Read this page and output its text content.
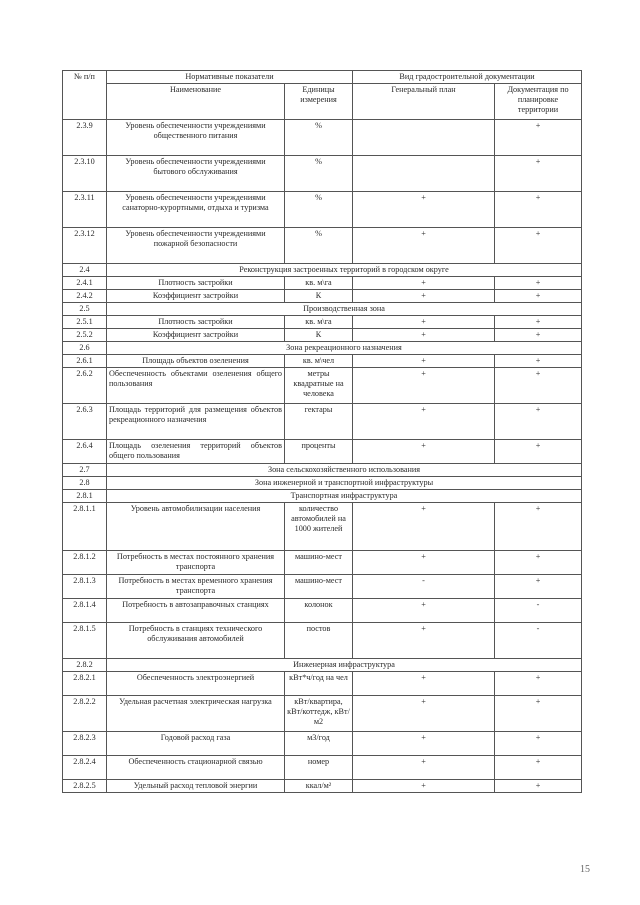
№ п/п	Нормативные показатели		Вид градостроительной документации	
	Наименование	Единицы измерения	Генеральный план	Документация по планировке территории
2.3.9	Уровень обеспеченности учреждениями общественного питания	%		+
2.3.10	Уровень обеспеченности учреждениями бытового обслуживания	%		+
2.3.11	Уровень обеспеченности учреждениями санаторно-курортными, отдыха и туризма	%	+	+
2.3.12	Уровень обеспеченности учреждениями пожарной безопасности	%	+	+
2.4	Реконструкция застроенных территорий в городском округе			
2.4.1	Плотность застройки	кв. м\га	+	+
2.4.2	Коэффициент застройки	К	+	+
2.5	Производственная зона			
2.5.1	Плотность застройки	кв. м\га	+	+
2.5.2	Коэффициент застройки	К	+	+
2.6	Зона рекреационного назначения			
2.6.1	Площадь объектов озеленения	кв. м\чел	+	+
2.6.2	Обеспеченность объектами озеленения общего пользования	метры квадратные на человека	+	+
2.6.3	Площадь территорий для размещения объектов рекреационного назначения	гектары	+	+
2.6.4	Площадь озеленения территорий объектов общего пользования	проценты	+	+
2.7	Зона сельскохозяйственного использования			
2.8	Зона инженерной и транспортной инфраструктуры			
2.8.1	Транспортная инфраструктура			
2.8.1.1	Уровень автомобилизации населения	количество автомобилей на 1000 жителей	+	+
2.8.1.2	Потребность в местах постоянного хранения транспорта	машино-мест	+	+
2.8.1.3	Потребность в местах временного хранения транспорта	машино-мест	-	+
2.8.1.4	Потребность в автозаправочных станциях	колонок	+	-
2.8.1.5	Потребность в станциях технического обслуживания автомобилей	постов	+	-
2.8.2	Инженерная инфраструктура			
2.8.2.1	Обеспеченность электроэнергией	кВт*ч/год на чел	+	+
2.8.2.2	Удельная расчетная электрическая нагрузка	кВт/квартира, кВт/коттедж, кВт/м2	+	+
2.8.2.3	Годовой расход газа	м3/год	+	+
2.8.2.4	Обеспеченность стационарной связью	номер	+	+
2.8.2.5	Удельный расход тепловой энергии	ккал/м²	+	+
15
